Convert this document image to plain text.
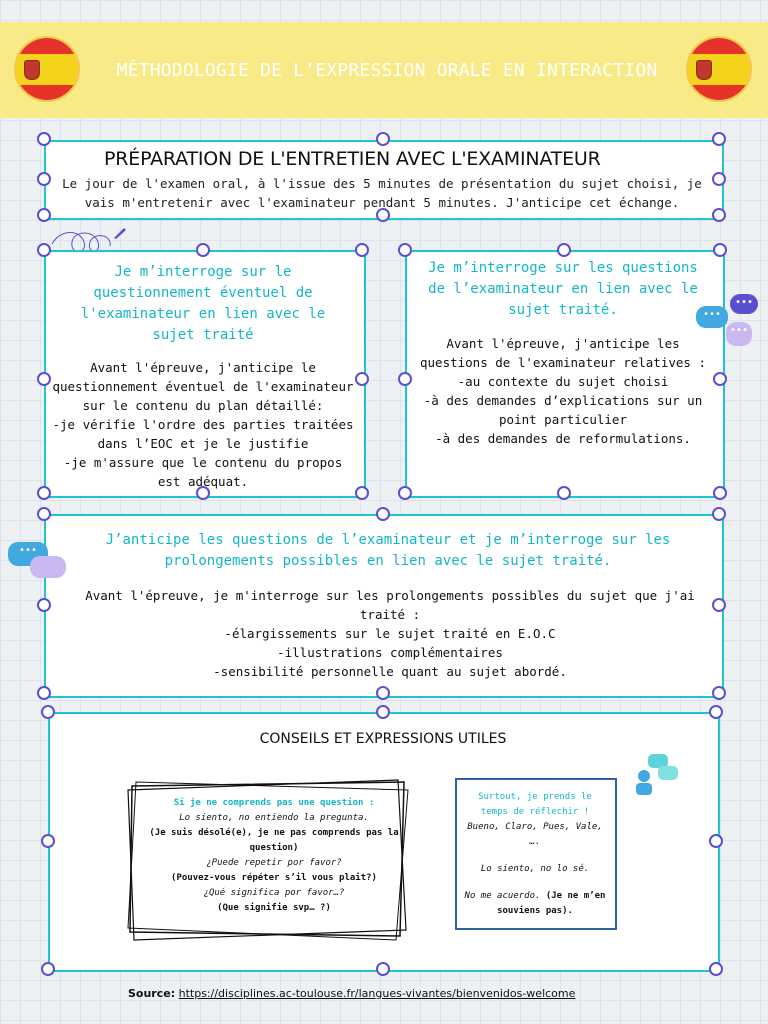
MÉTHODOLOGIE DE L’EXPRESSION ORALE EN INTERACTION
PRÉPARATION DE L'ENTRETIEN AVEC L'EXAMINATEUR
Le jour de l'examen oral, à l'issue des 5 minutes de présentation du sujet choisi, je vais m'entretenir avec l'examinateur pendant 5 minutes. J'anticipe cet échange.
Je m’interroge sur le questionnement éventuel de l'examinateur en lien avec le sujet traité
Avant l'épreuve, j'anticipe le questionnement éventuel de l'examinateur sur le contenu du plan détaillé:
-je vérifie l'ordre des parties traitées dans l’EOC et je le justifie
-je m'assure que le contenu du propos est adéquat.
Je m’interroge sur les questions de l’examinateur en lien avec le sujet traité.
Avant l'épreuve, j'anticipe les questions de l'examinateur relatives :
-au contexte du sujet choisi
-à des demandes d’explications sur un point particulier
-à des demandes de reformulations.
•••
•••
•••
J’anticipe les questions de l’examinateur et je m’interroge sur les prolongements possibles en lien avec le sujet traité.
Avant l'épreuve, je m'interroge sur les prolongements possibles du sujet que j'ai traité :
-élargissements sur le sujet traité en E.O.C
-illustrations complémentaires
-sensibilité personnelle quant au sujet abordé.
•••
CONSEILS ET EXPRESSIONS UTILES
Si je ne comprends pas une question :
Lo siento, no entiendo la pregunta.
(Je suis désolé(e), je ne pas comprends pas la question)
¿Puede repetir por favor?
(Pouvez-vous répéter s’il vous plait?)
¿Qué significa por favor…?
(Que signifie svp… ?)
Surtout, je prends le temps de réflechir !
Bueno, Claro, Pues, Vale, ….
Lo siento, no lo sé.
No me acuerdo. (Je ne m’en souviens pas).
Source: https://disciplines.ac-toulouse.fr/langues-vivantes/bienvenidos-welcome
